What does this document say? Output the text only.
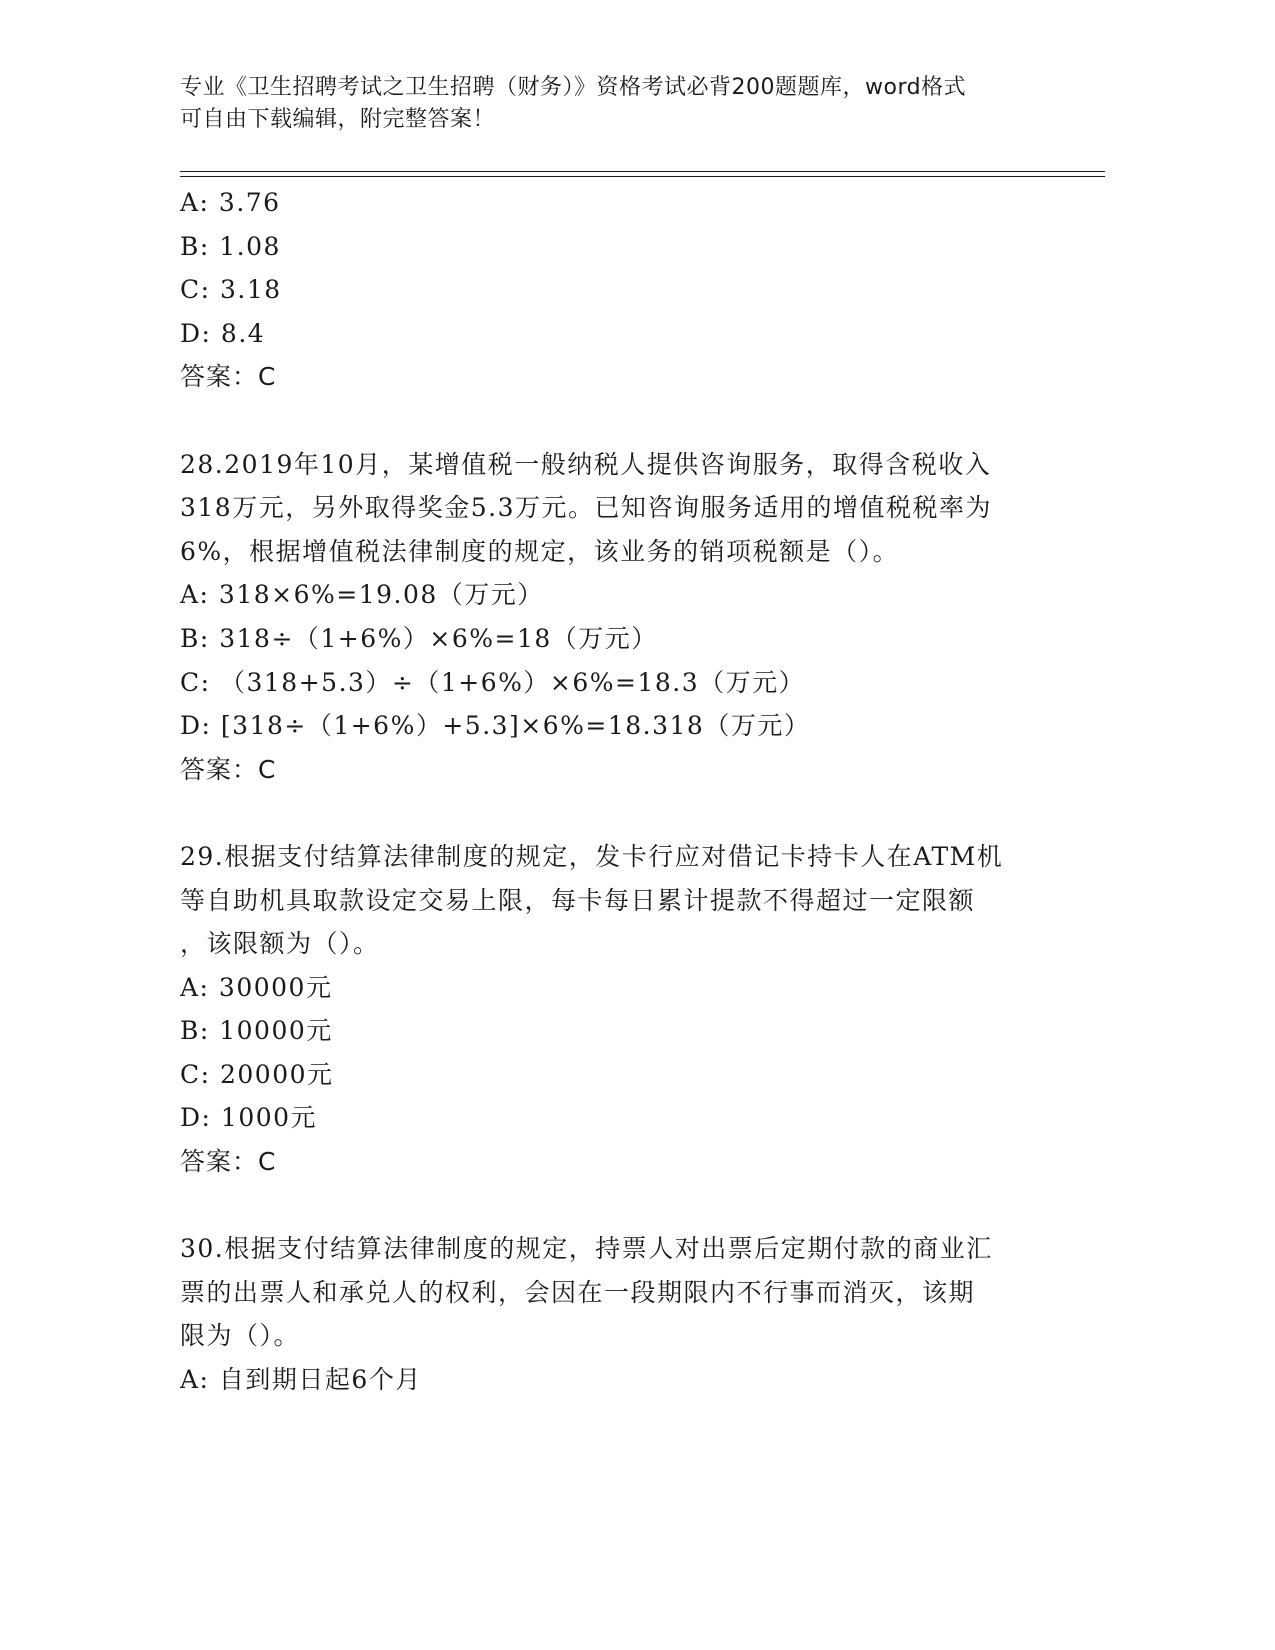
专业《卫生招聘考试之卫生招聘（财务）》资格考试必背200题题库，word格式
可自由下载编辑，附完整答案！
A: 3.76
B: 1.08
C: 3.18
D: 8.4
答案：C
28.2019年10月，某增值税一般纳税人提供咨询服务，取得含税收入
318万元，另外取得奖金5.3万元。已知咨询服务适用的增值税税率为
6%，根据增值税法律制度的规定，该业务的销项税额是（）。
A: 318×6%=19.08（万元）
B: 318÷（1+6%）×6%=18（万元）
C: （318+5.3）÷（1+6%）×6%=18.3（万元）
D: [318÷（1+6%）+5.3]×6%=18.318（万元）
答案：C
29.根据支付结算法律制度的规定，发卡行应对借记卡持卡人在ATM机
等自助机具取款设定交易上限，每卡每日累计提款不得超过一定限额
，该限额为（）。
A: 30000元
B: 10000元
C: 20000元
D: 1000元
答案：C
30.根据支付结算法律制度的规定，持票人对出票后定期付款的商业汇
票的出票人和承兑人的权利，会因在一段期限内不行事而消灭，该期
限为（）。
A: 自到期日起6个月
